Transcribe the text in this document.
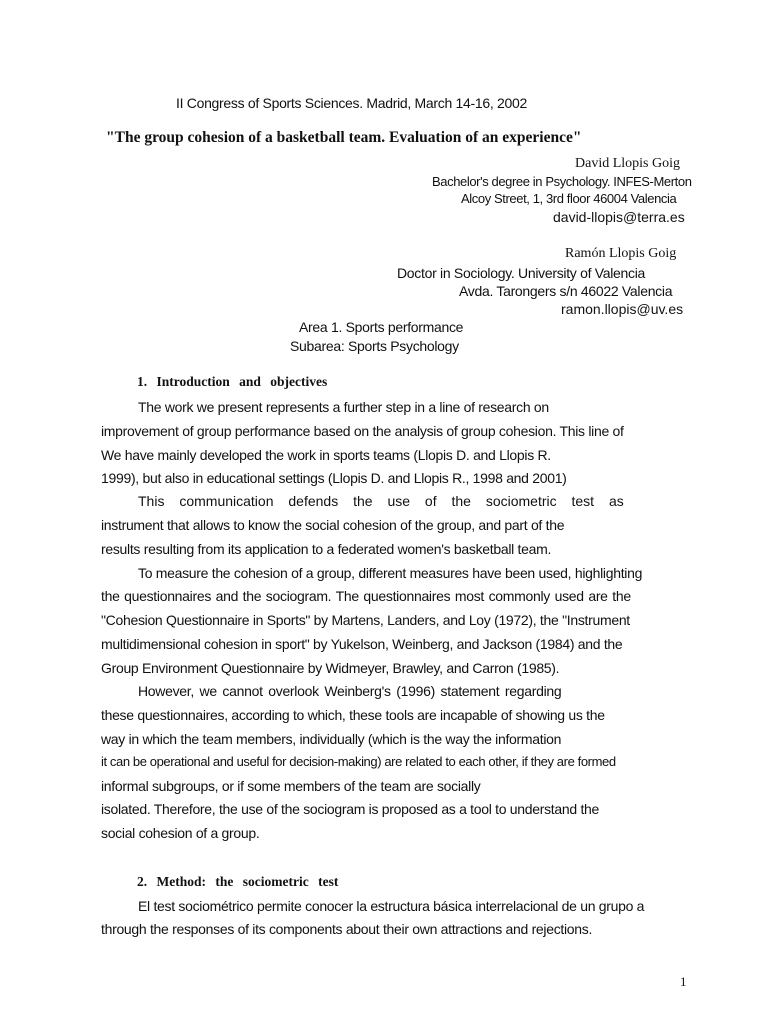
II Congress of Sports Sciences. Madrid, March 14-16, 2002
"The group cohesion of a basketball team. Evaluation of an experience"
David Llopis Goig
Bachelor's degree in Psychology. INFES-Merton
Alcoy Street, 1, 3rd floor 46004 Valencia
david-llopis@terra.es
Ramón Llopis Goig
Doctor in Sociology. University of Valencia
Avda. Tarongers s/n 46022 Valencia
ramon.llopis@uv.es
Area 1. Sports performance
Subarea: Sports Psychology
1. Introduction and objectives
The work we present represents a further step in a line of research on
improvement of group performance based on the analysis of group cohesion. This line of
We have mainly developed the work in sports teams (Llopis D. and Llopis R.
1999), but also in educational settings (Llopis D. and Llopis R., 1998 and 2001)
This communication defends the use of the sociometric test as
instrument that allows to know the social cohesion of the group, and part of the
results resulting from its application to a federated women's basketball team.
To measure the cohesion of a group, different measures have been used, highlighting
the questionnaires and the sociogram. The questionnaires most commonly used are the
"Cohesion Questionnaire in Sports" by Martens, Landers, and Loy (1972), the "Instrument
multidimensional cohesion in sport" by Yukelson, Weinberg, and Jackson (1984) and the
Group Environment Questionnaire by Widmeyer, Brawley, and Carron (1985).
However, we cannot overlook Weinberg's (1996) statement regarding
these questionnaires, according to which, these tools are incapable of showing us the
way in which the team members, individually (which is the way the information
it can be operational and useful for decision-making) are related to each other, if they are formed
informal subgroups, or if some members of the team are socially
isolated. Therefore, the use of the sociogram is proposed as a tool to understand the
social cohesion of a group.
2. Method: the sociometric test
El test sociométrico permite conocer la estructura básica interrelacional de un grupo a
through the responses of its components about their own attractions and rejections.
1
